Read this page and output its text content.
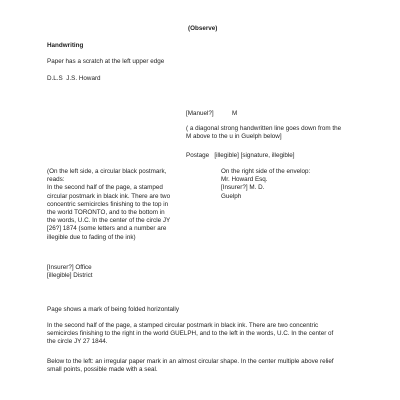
(Observe)
Handwriting
Paper has a scratch at the left upper edge
D.L.S  J.S. Howard
[Manuel?]	M
( a diagonal strong handwritten line goes down from the
M above to the u in Guelph below]
Postage   [illegible] [signature, illegible]
(On the left side, a circular black postmark,
reads:
In the second half of the page, a stamped
circular postmark in black ink. There are two
concentric semicircles finishing to the top in
the world TORONTO, and to the bottom in
the words, U.C. In the center of the circle JY
[26?] 1874 (some letters and a number are
illegible due to fading of the ink)
On the right side of the envelop:
Mr. Howard Esq.
[Insurer?] M. D.
Guelph
[Insurer?] Office
[illegible] District
Page shows a mark of being folded horizontally
In the second half of the page, a stamped circular postmark in black ink. There are two concentric
semicircles finishing to the right in the world GUELPH, and to the left in the words, U.C. In the center of
the circle JY 27 1844.
Below to the left: an irregular paper mark in an almost circular shape. In the center multiple above relief
small points, possible made with a seal.
